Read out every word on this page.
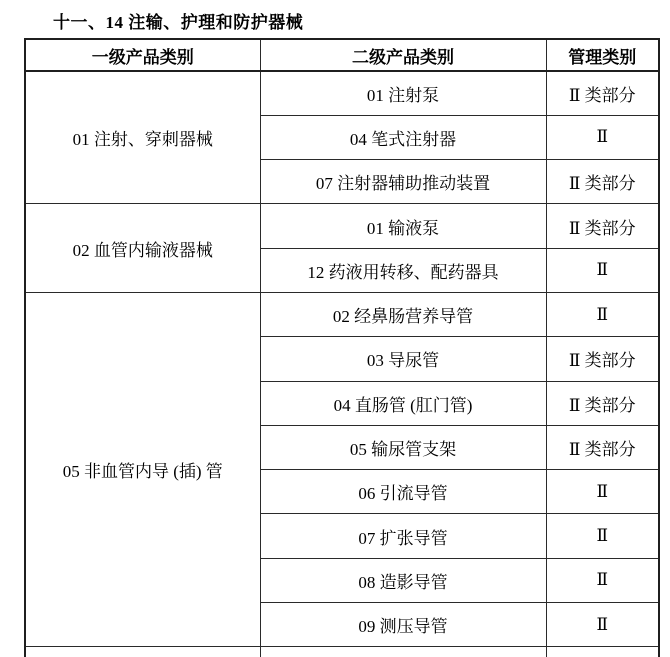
十一、14 注输、护理和防护器械
一级产品类别	二级产品类别	管理类别
01 注射、穿刺器械	01 注射泵	Ⅱ 类部分
	04 笔式注射器	Ⅱ
	07 注射器辅助推动装置	Ⅱ 类部分
02 血管内输液器械	01 输液泵	Ⅱ 类部分
	12 药液用转移、配药器具	Ⅱ
05 非血管内导 (插) 管	02 经鼻肠营养导管	Ⅱ
	03 导尿管	Ⅱ 类部分
	04 直肠管 (肛门管)	Ⅱ 类部分
	05 输尿管支架	Ⅱ 类部分
	06 引流导管	Ⅱ
	07 扩张导管	Ⅱ
	08 造影导管	Ⅱ
	09 测压导管	Ⅱ
